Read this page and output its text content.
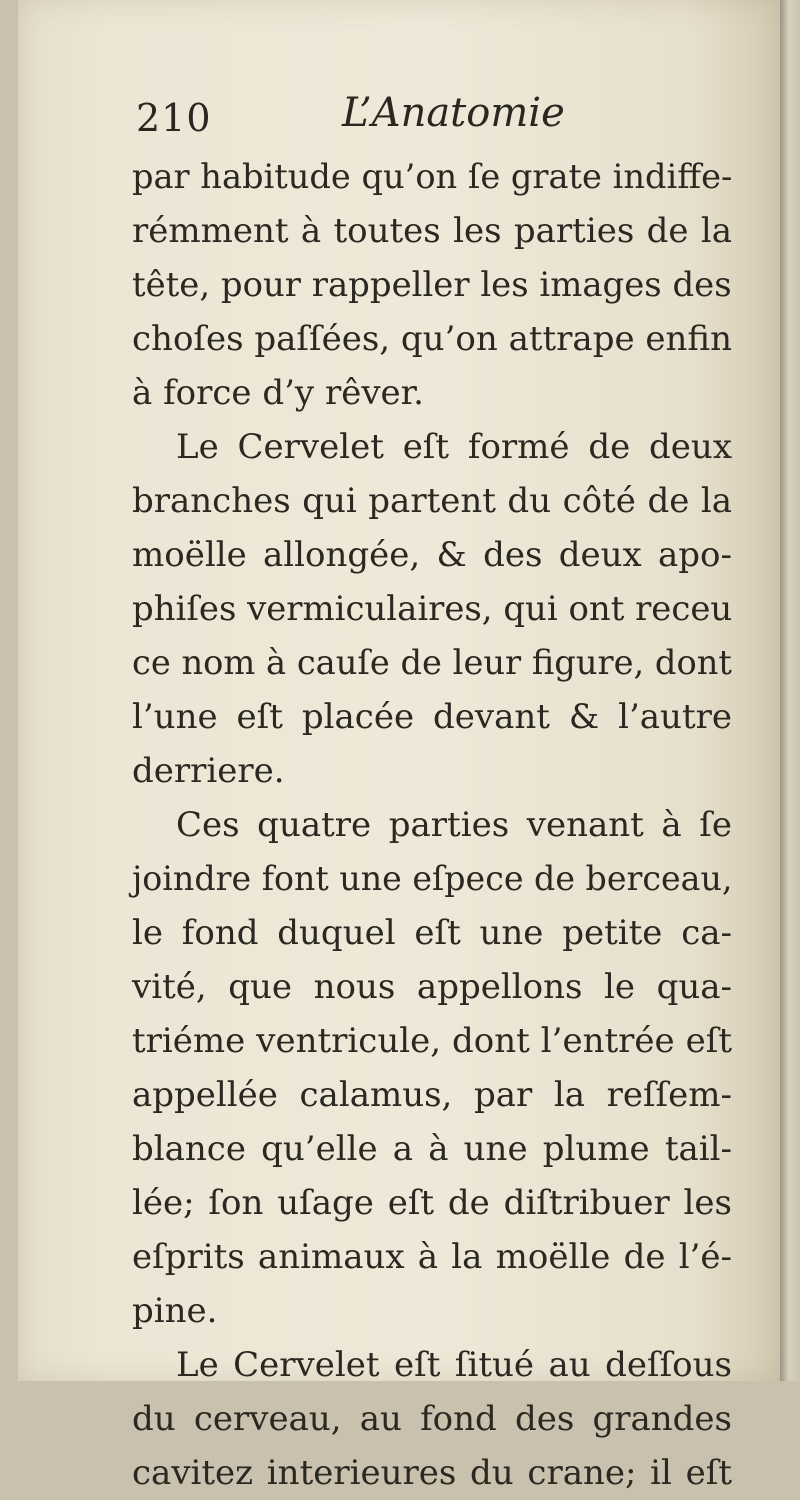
210	L’Anatomie
par habitude qu’on ſe grate indiffe-
rémment à toutes les parties de la
tête, pour rappeller les images des
choſes paſſées, qu’on attrape enfin
à force d’y rêver.
Le Cervelet eſt formé de deux
branches qui partent du côté de la
moëlle allongée, & des deux apo-
phiſes vermiculaires, qui ont receu
ce nom à cauſe de leur figure, dont
l’une eſt placée devant & l’autre
derriere.
Ces quatre parties venant à ſe
joindre font une eſpece de berceau,
le fond duquel eſt une petite ca-
vité, que nous appellons le qua-
triéme ventricule, dont l’entrée eſt
appellée calamus, par la reſſem-
blance qu’elle a à une plume tail-
lée; ſon uſage eſt de diſtribuer les
eſprits animaux à la moëlle de l’é-
pine.
Le Cervelet eſt ſitué au deſſous
du cerveau, au fond des grandes
cavitez interieures du crane; il eſt
